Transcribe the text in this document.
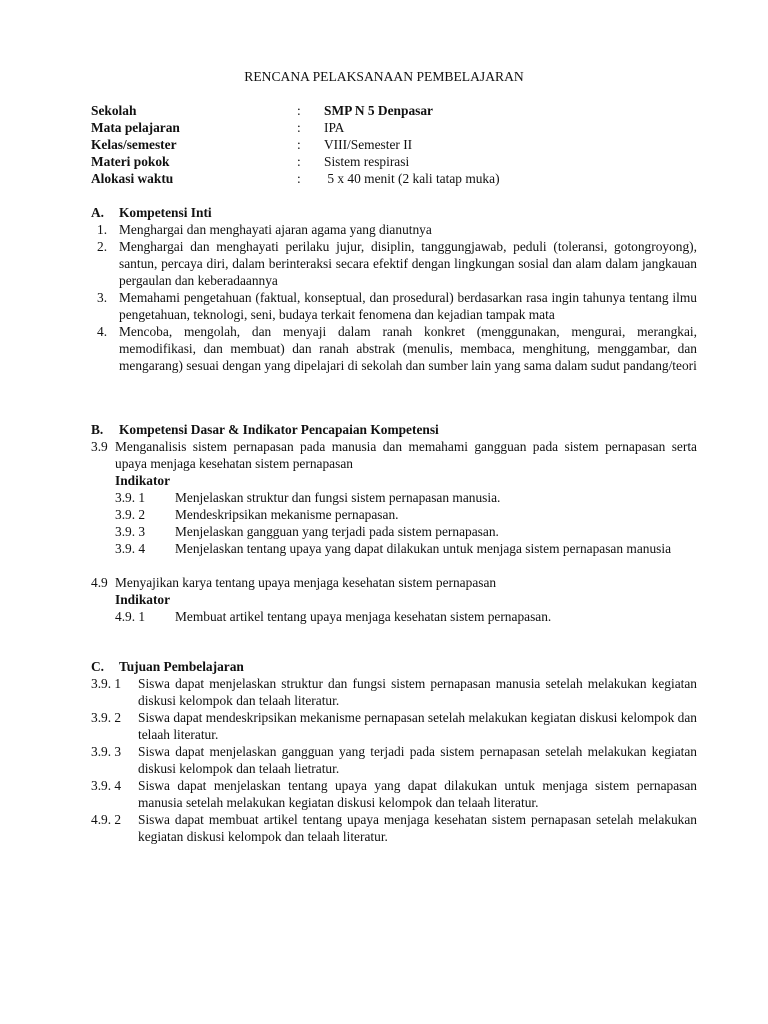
RENCANA PELAKSANAAN PEMBELAJARAN
Sekolah	: SMP N 5 Denpasar
Mata pelajaran	: IPA
Kelas/semester	: VIII/Semester II
Materi pokok	: Sistem respirasi
Alokasi waktu	: 5 x 40 menit (2 kali tatap muka)
A. Kompetensi Inti
1. Menghargai dan menghayati ajaran agama yang dianutnya
2. Menghargai dan menghayati perilaku jujur, disiplin, tanggungjawab, peduli (toleransi, gotongroyong), santun, percaya diri, dalam berinteraksi secara efektif dengan lingkungan sosial dan alam dalam jangkauan pergaulan dan keberadaannya
3. Memahami pengetahuan (faktual, konseptual, dan prosedural) berdasarkan rasa ingin tahunya tentang ilmu pengetahuan, teknologi, seni, budaya terkait fenomena dan kejadian tampak mata
4. Mencoba, mengolah, dan menyaji dalam ranah konkret (menggunakan, mengurai, merangkai, memodifikasi, dan membuat) dan ranah abstrak (menulis, membaca, menghitung, menggambar, dan mengarang) sesuai dengan yang dipelajari di sekolah dan sumber lain yang sama dalam sudut pandang/teori
B. Kompetensi Dasar & Indikator Pencapaian Kompetensi
3.9 Menganalisis sistem pernapasan pada manusia dan memahami gangguan pada sistem pernapasan serta upaya menjaga kesehatan sistem pernapasan
Indikator
3.9. 1 Menjelaskan struktur dan fungsi sistem pernapasan manusia.
3.9. 2 Mendeskripsikan mekanisme pernapasan.
3.9. 3 Menjelaskan gangguan yang terjadi pada sistem pernapasan.
3.9. 4 Menjelaskan tentang upaya yang dapat dilakukan untuk menjaga sistem pernapasan manusia
4.9 Menyajikan karya tentang upaya menjaga kesehatan sistem pernapasan
Indikator
4.9. 1 Membuat artikel tentang upaya menjaga kesehatan sistem pernapasan.
C. Tujuan Pembelajaran
3.9. 1 Siswa dapat menjelaskan struktur dan fungsi sistem pernapasan manusia setelah melakukan kegiatan diskusi kelompok dan telaah literatur.
3.9. 2 Siswa dapat mendeskripsikan mekanisme pernapasan setelah melakukan kegiatan diskusi kelompok dan telaah literatur.
3.9. 3 Siswa dapat menjelaskan gangguan yang terjadi pada sistem pernapasan setelah melakukan kegiatan diskusi kelompok dan telaah lietratur.
3.9. 4 Siswa dapat menjelaskan tentang upaya yang dapat dilakukan untuk menjaga sistem pernapasan manusia setelah melakukan kegiatan diskusi kelompok dan telaah literatur.
4.9. 2 Siswa dapat membuat artikel tentang upaya menjaga kesehatan sistem pernapasan setelah melakukan kegiatan diskusi kelompok dan telaah literatur.
